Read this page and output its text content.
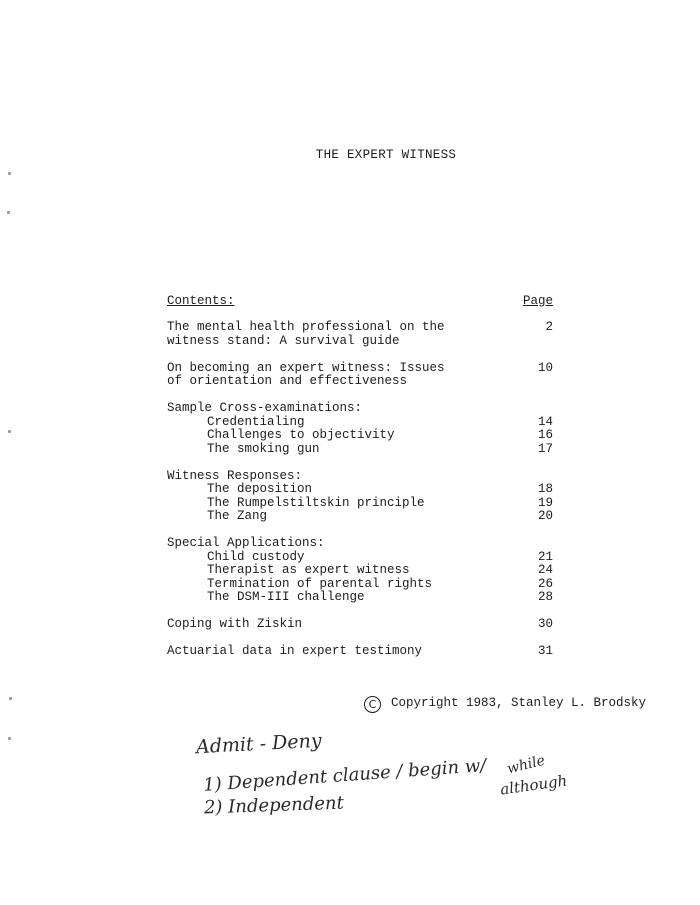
THE EXPERT WITNESS
Contents:	Page
The mental health professional on the	2
witness stand: A survival guide
On becoming an expert witness: Issues	10
of orientation and effectiveness
Sample Cross-examinations:
Credentialing	14
Challenges to objectivity	16
The smoking gun	17
Witness Responses:
The deposition	18
The Rumpelstiltskin principle	19
The Zang	20
Special Applications:
Child custody	21
Therapist as expert witness	24
Termination of parental rights	26
The DSM-III challenge	28
Coping with Ziskin	30
Actuarial data in expert testimony	31
C Copyright 1983, Stanley L. Brodsky
Admit - Deny
1) Dependent clause / begin w/ while
although
2) Independent
